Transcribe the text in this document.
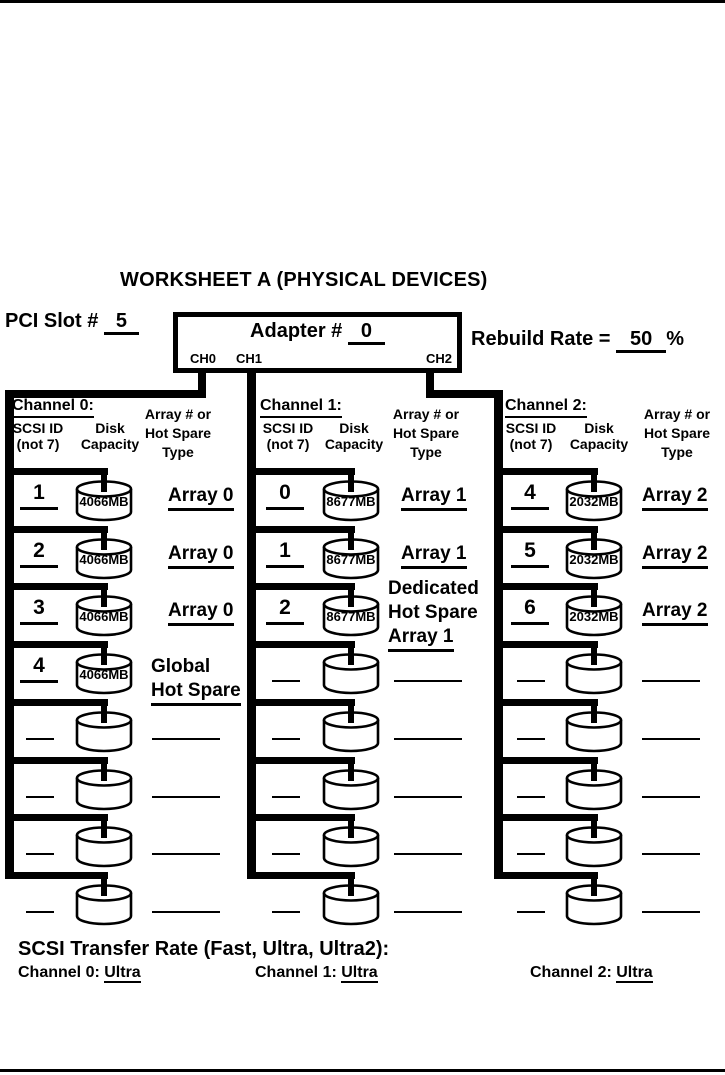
WORKSHEET A (PHYSICAL DEVICES)
PCI Slot # 5	Adapter # 0
CH0 CH1	CH2
Rebuild Rate = 50 %
Channel 0:
SCSI ID
(not 7)
Disk
Capacity
Array # or
Hot Spare
Type
1	4066MB	Array 0
2	4066MB	Array 0
3	4066MB	Array 0
4	4066MB	Global
Hot Spare
Channel 1:
SCSI ID
(not 7)
Disk
Capacity
Array # or
Hot Spare
Type
0	8677MB	Array 1
1	8677MB	Array 1
2	8677MB
Dedicated
Hot Spare
Array 1
Channel 2:
SCSI ID
(not 7)
Disk
Capacity
Array # or
Hot Spare
Type
4	2032MB	Array 2
5	2032MB	Array 2
6	2032MB	Array 2
SCSI Transfer Rate (Fast, Ultra, Ultra2):
Channel 0: Ultra	Channel 1: Ultra	Channel 2: Ultra
